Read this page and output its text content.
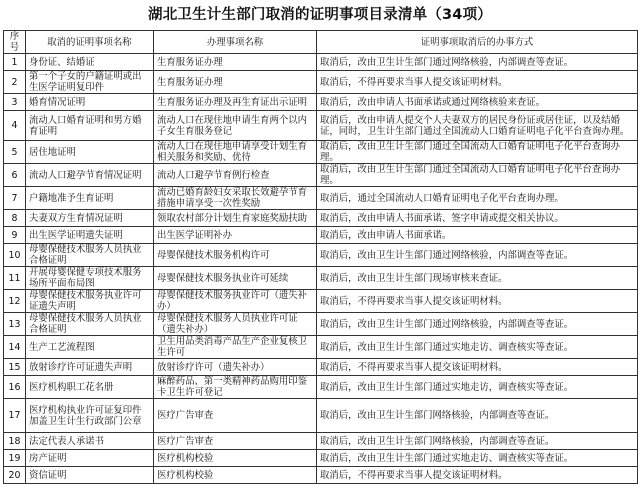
湖北卫生计生部门取消的证明事项目录清单（34项）
序号	取消的证明事项名称	办理事项名称	证明事项取消后的办事方式
1	身份证、结婚证	生育服务证办理	取消后，改由卫生计生部门通过网络核验，内部调查等查证。
2	第一个子女的户籍证明或出生医学证明复印件	生育服务证办理	取消后，不得再要求当事人提交该证明材料。
3	婚育情况证明	生育服务证办理及再生育证出示证明	取消后，改由申请人书面承诺或通过网络核验来查证。
4	流动人口婚育证明和男方婚育证明	流动人口在现住地申请生育两个以内子女生育服务登记	取消后，改由申请人提交个人夫妻双方的居民身份证或居住证，以及结婚证，同时，卫生计生部门通过全国流动人口婚育证明电子化平台查询办理。
5	居住地证明	流动人口在现住地申请享受计划生育相关服务和奖励、优待	取消后，改由卫生计生部门通过全国流动人口婚育证明电子化平台查询办理。
6	流动人口避孕节育情况证明	流动人口避孕节育例行检查	取消后，改由卫生计生部门通过全国流动人口婚育证明电子化平台查询办理。
7	户籍地准予生育证明	流动已婚育龄妇女采取长效避孕节育措施申请享受一次性奖励	取消后，通过全国流动人口婚育证明电子化平台查询办理。
8	夫妻双方生育情况证明	领取农村部分计划生育家庭奖励扶助	取消后，改由申请人书面承诺、签字申请或提交相关协议。
9	出生医学证明遗失证明	出生医学证明补办	取消后，改由申请人书面承诺。
10	母婴保健技术服务人员执业合格证明	母婴保健技术服务机构许可	取消后，改由卫生计生部门通过网络核验，内部调查等查证。
11	开展母婴保健专项技术服务场所平面布局图	母婴保健技术服务执业许可延续	取消后，改由卫生计生部门现场审核来查证。
12	母婴保健技术服务执业许可证遗失声明	母婴保健技术服务执业许可（遗失补办）	取消后，不得再要求当事人提交该证明材料。
13	母婴保健技术服务人员执业合格证明	母婴保健技术服务人员执业许可证（遗失补办）	取消后，改由卫生计生部门通过网络核验，内部调查等查证。
14	生产工艺流程图	卫生用品类消毒产品生产企业复核卫生许可	取消后，改由卫生计生部门通过实地走访、调查核实等查证。
15	放射诊疗许可证遗失声明	放射诊疗许可（遗失补办）	取消后，不得再要求当事人提交该证明材料。
16	医疗机构职工花名册	麻醉药品、第一类精神药品购用印鉴卡卫生许可登记	取消后，改由卫生计生部门通过实地走访，调查核实等查证。
17	医疗机构执业许可证复印件加盖卫生计生行政部门公章	医疗广告审查	取消后，改由卫生计生部门网络核验，内部调查等查证。
18	法定代表人承诺书	医疗广告审查	取消后，改由卫生计生部门网络核验，内部调查等查证。
19	房产证明	医疗机构校验	取消后，改由卫生计生部门通过实地走访、调查核实等查证。
20	资信证明	医疗机构校验	取消后，不得再要求当事人提交该证明材料。
